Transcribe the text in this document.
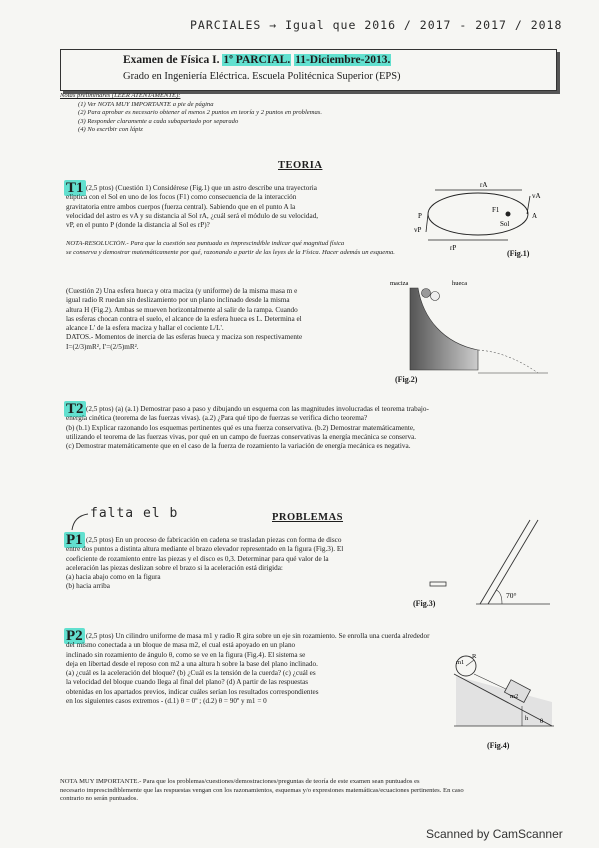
PARCIALES → Igual que 2016 / 2017 - 2017 / 2018
Examen de Física I. 1º PARCIAL. 11-Diciembre-2013.
Grado en Ingeniería Eléctrica. Escuela Politécnica Superior (EPS)
Notas preliminares (LEER ATENTAMENTE):
(1) Ver NOTA MUY IMPORTANTE a pie de página
(2) Para aprobar es necesario obtener al menos 2 puntos en teoría y 2 puntos en problemas.
(3) Responder claramente a cada subapartado por separado
(4) No escribir con lápiz
TEORIA
T1 (2,5 ptos) (Cuestión 1) Considérese (Fig.1) que un astro describe una trayectoria
elíptica con el Sol en uno de los focos (F1) como consecuencia de la interacción
gravitatoria entre ambos cuerpos (fuerza central). Sabiendo que en el punto A la
velocidad del astro es vA y su distancia al Sol rA, ¿cuál será el módulo de su velocidad,
vP, en el punto P (donde la distancia al Sol es rP)?
NOTA-RESOLUCIÓN.- Para que la cuestión sea puntuada es imprescindible indicar qué magnitud física
se conserva y demostrar matemáticamente por qué, razonando a partir de las leyes de la Física. Hacer además un esquema.
rA
F1
A
vA
P
vP
Sol
rP
(Fig.1)
(Cuestión 2) Una esfera hueca y otra maciza (y uniforme) de la misma masa m e
igual radio R ruedan sin deslizamiento por un plano inclinado desde la misma
altura H (Fig.2). Ambas se mueven horizontalmente al salir de la rampa. Cuando
las esferas chocan contra el suelo, el alcance de la esfera hueca es L. Determina el
alcance L' de la esfera maciza y hallar el cociente L/L'.
DATOS.- Momentos de inercia de las esferas hueca y maciza son respectivamente
I=(2/3)mR², I'=(2/5)mR².
maciza	hueca
(Fig.2)
T2 (2,5 ptos) (a) (a.1) Demostrar paso a paso y dibujando un esquema con las magnitudes involucradas el teorema trabajo-
energía cinética (teorema de las fuerzas vivas). (a.2) ¿Para qué tipo de fuerzas se verifica dicho teorema?
(b) (b.1) Explicar razonando los esquemas pertinentes qué es una fuerza conservativa. (b.2) Demostrar matemáticamente,
utilizando el teorema de las fuerzas vivas, por qué en un campo de fuerzas conservativas la energía mecánica se conserva.
(c) Demostrar matemáticamente que en el caso de la fuerza de rozamiento la variación de energía mecánica es negativa.
falta el b	PROBLEMAS
P1 (2,5 ptos) En un proceso de fabricación en cadena se trasladan piezas con forma de disco
entre dos puntos a distinta altura mediante el brazo elevador representado en la figura (Fig.3). El
coeficiente de rozamiento entre las piezas y el disco es 0,3. Determinar para qué valor de la
aceleración las piezas deslizan sobre el brazo si la aceleración está dirigida:
(a) hacia abajo como en la figura
(b) hacia arriba
70°
(Fig.3)
P2 (2,5 ptos) Un cilindro uniforme de masa m1 y radio R gira sobre un eje sin rozamiento. Se enrolla una cuerda alrededor
del mismo conectada a un bloque de masa m2, el cual está apoyado en un plano
inclinado sin rozamiento de ángulo θ, como se ve en la figura (Fig.4). El sistema se
deja en libertad desde el reposo con m2 a una altura h sobre la base del plano inclinado.
(a) ¿cuál es la aceleración del bloque? (b) ¿Cuál es la tensión de la cuerda? (c) ¿cuál es
la velocidad del bloque cuando llega al final del plano? (d) A partir de las respuestas
obtenidas en los apartados previos, indicar cuáles serían los resultados correspondientes
en los siguientes casos extremos - (d.1) θ = 0º ; (d.2) θ = 90º y m1 = 0
m1
R
m2
h θ
(Fig.4)
NOTA MUY IMPORTANTE.- Para que los problemas/cuestiones/demostraciones/preguntas de teoría de este examen sean puntuados es
necesario imprescindiblemente que las respuestas vengan con los razonamientos, esquemas y/o expresiones matemáticas/ecuaciones pertinentes. En caso
contrario no serán puntuados.
Scanned by CamScanner
